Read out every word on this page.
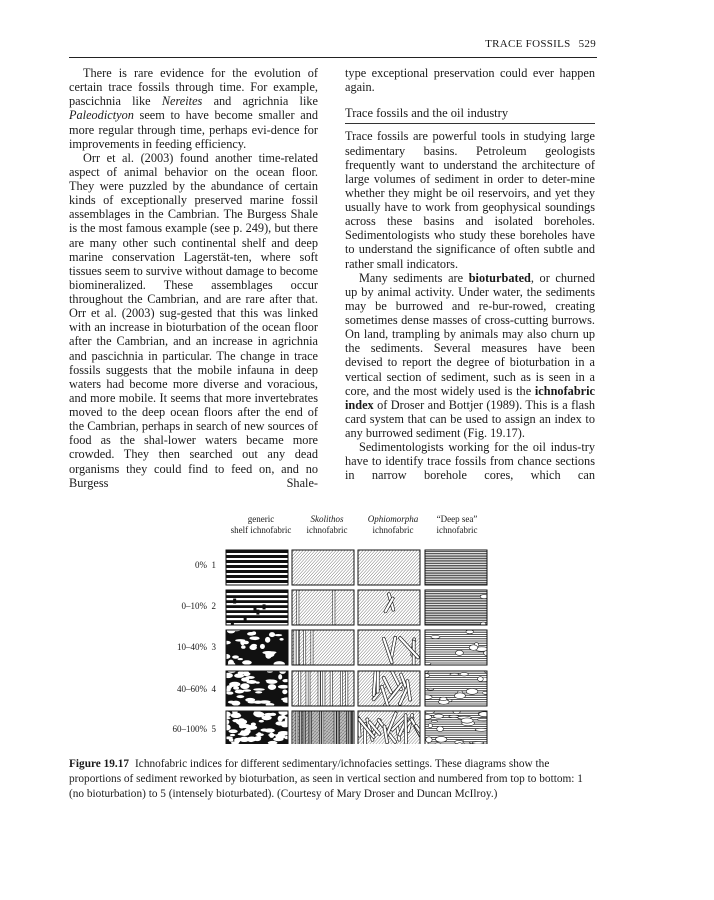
TRACE FOSSILS 529

There is rare evidence for the evolution of certain trace fossils through time. For example, pascichnia like Nereites and agrichnia like Paleodictyon seem to have become smaller and more regular through time, perhaps evi-dence for improvements in feeding efficiency.

Orr et al. (2003) found another time-related aspect of animal behavior on the ocean floor. They were puzzled by the abundance of certain kinds of exceptionally preserved marine fossil assemblages in the Cambrian. The Burgess Shale is the most famous example (see p. 249), but there are many other such continental shelf and deep marine conservation Lagerstät-ten, where soft tissues seem to survive without damage to become biomineralized. These assemblages occur throughout the Cambrian, and are rare after that. Orr et al. (2003) sug-gested that this was linked with an increase in bioturbation of the ocean floor after the Cambrian, and an increase in agrichnia and pascichnia in particular. The change in trace fossils suggests that the mobile infauna in deep waters had become more diverse and voracious, and more mobile. It seems that more invertebrates moved to the deep ocean floors after the end of the Cambrian, perhaps in search of new sources of food as the shal-lower waters became more crowded. They then searched out any dead organisms they could find to feed on, and no Burgess Shale-

type exceptional preservation could ever happen again.

Trace fossils and the oil industry

Trace fossils are powerful tools in studying large sedimentary basins. Petroleum geologists frequently want to understand the architecture of large volumes of sediment in order to deter-mine whether they might be oil reservoirs, and yet they usually have to work from geophysical soundings across these basins and isolated boreholes. Sedimentologists who study these boreholes have to understand the significance of often subtle and rather small indicators.

Many sediments are bioturbated, or churned up by animal activity. Under water, the sediments may be burrowed and re-bur-rowed, creating sometimes dense masses of cross-cutting burrows. On land, trampling by animals may also churn up the sediments. Several measures have been devised to report the degree of bioturbation in a vertical section of sediment, such as is seen in a core, and the most widely used is the ichnofabric index of Droser and Bottjer (1989). This is a flash card system that can be used to assign an index to any burrowed sediment (Fig. 19.17).

Sedimentologists working for the oil indus-try have to identify trace fossils from chance sections in narrow borehole cores, which can

generic
shelf ichnofabric
Skolithos
ichnofabric
Ophiomorpha
ichnofabric
“Deep sea”
ichnofabric
0% 1
0–10% 2
10–40% 3
40–60% 4
60–100% 5
Figure 19.17 Ichnofabric indices for different sedimentary/ichnofacies settings. These diagrams show the proportions of sediment reworked by bioturbation, as seen in vertical section and numbered from top to bottom: 1 (no bioturbation) to 5 (intensely bioturbated). (Courtesy of Mary Droser and Duncan McIlroy.)
